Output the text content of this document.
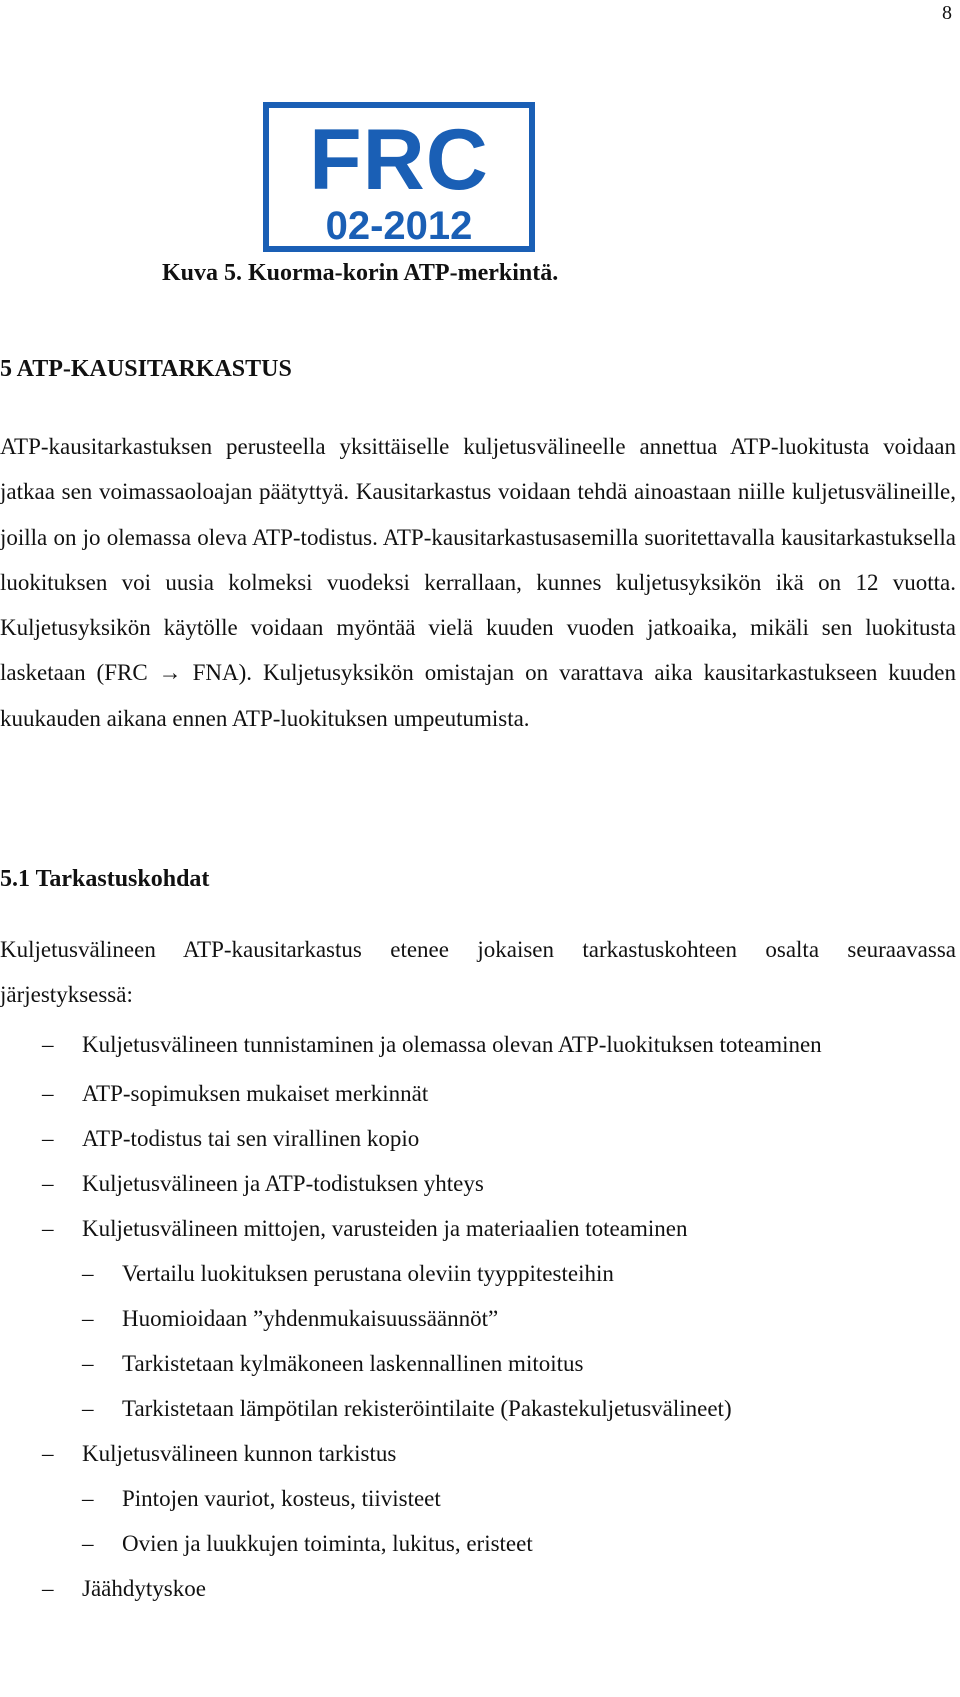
8
FRC
02-2012
Kuva 5. Kuorma-korin ATP-merkintä.
5 ATP-KAUSITARKASTUS
ATP-kausitarkastuksen perusteella yksittäiselle kuljetusvälineelle annettua ATP-luokitusta voidaan jatkaa sen voimassaoloajan päätyttyä. Kausitarkastus voidaan tehdä ainoastaan niille kuljetusvälineille, joilla on jo olemassa oleva ATP-todistus. ATP-kausitarkastusasemilla suoritettavalla kausitarkastuksella luokituksen voi uusia kolmeksi vuodeksi kerrallaan, kunnes kuljetusyksikön ikä on 12 vuotta. Kuljetusyksikön käytölle voidaan myöntää vielä kuuden vuoden jatkoaika, mikäli sen luokitusta lasketaan (FRC → FNA). Kuljetusyksikön omistajan on varattava aika kausitarkastukseen kuuden kuukauden aikana ennen ATP-luokituksen umpeutumista.
5.1 Tarkastuskohdat
Kuljetusvälineen ATP-kausitarkastus etenee jokaisen tarkastuskohteen osalta seuraavassa järjestyksessä:
–	Kuljetusvälineen tunnistaminen ja olemassa olevan ATP-luokituksen toteaminen
–	ATP-sopimuksen mukaiset merkinnät
–	ATP-todistus tai sen virallinen kopio
–	Kuljetusvälineen ja ATP-todistuksen yhteys
–	Kuljetusvälineen mittojen, varusteiden ja materiaalien toteaminen
–	Vertailu luokituksen perustana oleviin tyyppitesteihin
–	Huomioidaan ”yhdenmukaisuussäännöt”
–	Tarkistetaan kylmäkoneen laskennallinen mitoitus
–	Tarkistetaan lämpötilan rekisteröintilaite (Pakastekuljetusvälineet)
–	Kuljetusvälineen kunnon tarkistus
–	Pintojen vauriot, kosteus, tiivisteet
–	Ovien ja luukkujen toiminta, lukitus, eristeet
–	Jäähdytyskoe
